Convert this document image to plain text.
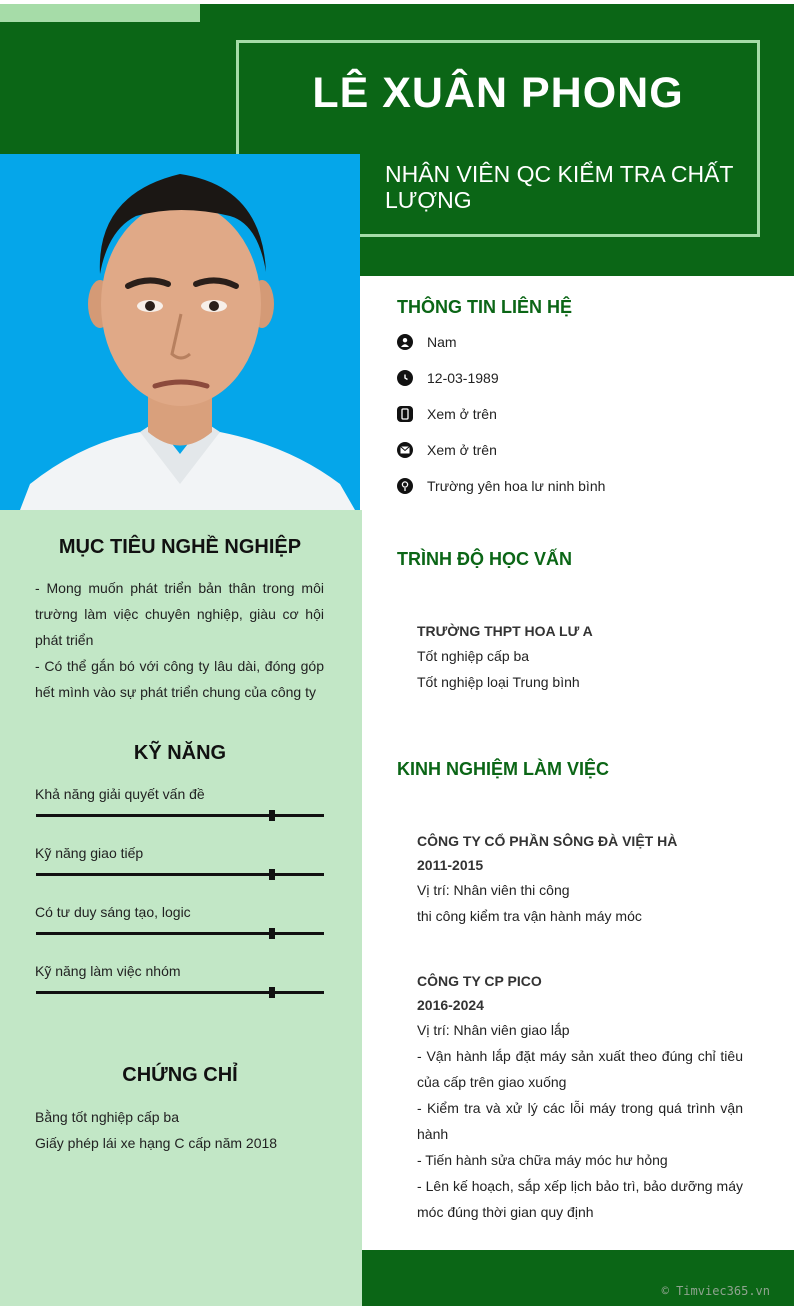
LÊ XUÂN PHONG
NHÂN VIÊN QC KIỂM TRA CHẤT LƯỢNG
MỤC TIÊU NGHỀ NGHIỆP
- Mong muốn phát triển bản thân trong môi trường làm việc chuyên nghiệp, giàu cơ hội phát triển
- Có thể gắn bó với công ty lâu dài, đóng góp hết mình vào sự phát triển chung của công ty
KỸ NĂNG
Khả năng giải quyết vấn đề
Kỹ năng giao tiếp
Có tư duy sáng tạo, logic
Kỹ năng làm việc nhóm
CHỨNG CHỈ
Bằng tốt nghiệp cấp ba
Giấy phép lái xe hạng C cấp năm 2018
THÔNG TIN LIÊN HỆ
Nam
12-03-1989
Xem ở trên
Xem ở trên
Trường yên hoa lư ninh bình
TRÌNH ĐỘ HỌC VẤN
TRƯỜNG THPT HOA LƯ A
Tốt nghiệp cấp ba
Tốt nghiệp loại Trung bình
KINH NGHIỆM LÀM VIỆC
CÔNG TY CỔ PHẦN SÔNG ĐÀ VIỆT HÀ
2011-2015
Vị trí: Nhân viên thi công
thi công kiểm tra vận hành máy móc
CÔNG TY CP PICO
2016-2024
Vị trí: Nhân viên giao lắp
- Vận hành lắp đặt máy sản xuất theo đúng chỉ tiêu của cấp trên giao xuống
- Kiểm tra và xử lý các lỗi máy trong quá trình vận hành
- Tiến hành sửa chữa máy móc hư hỏng
- Lên kế hoạch, sắp xếp lịch bảo trì, bảo dưỡng máy móc đúng thời gian quy định
© Timviec365.vn
